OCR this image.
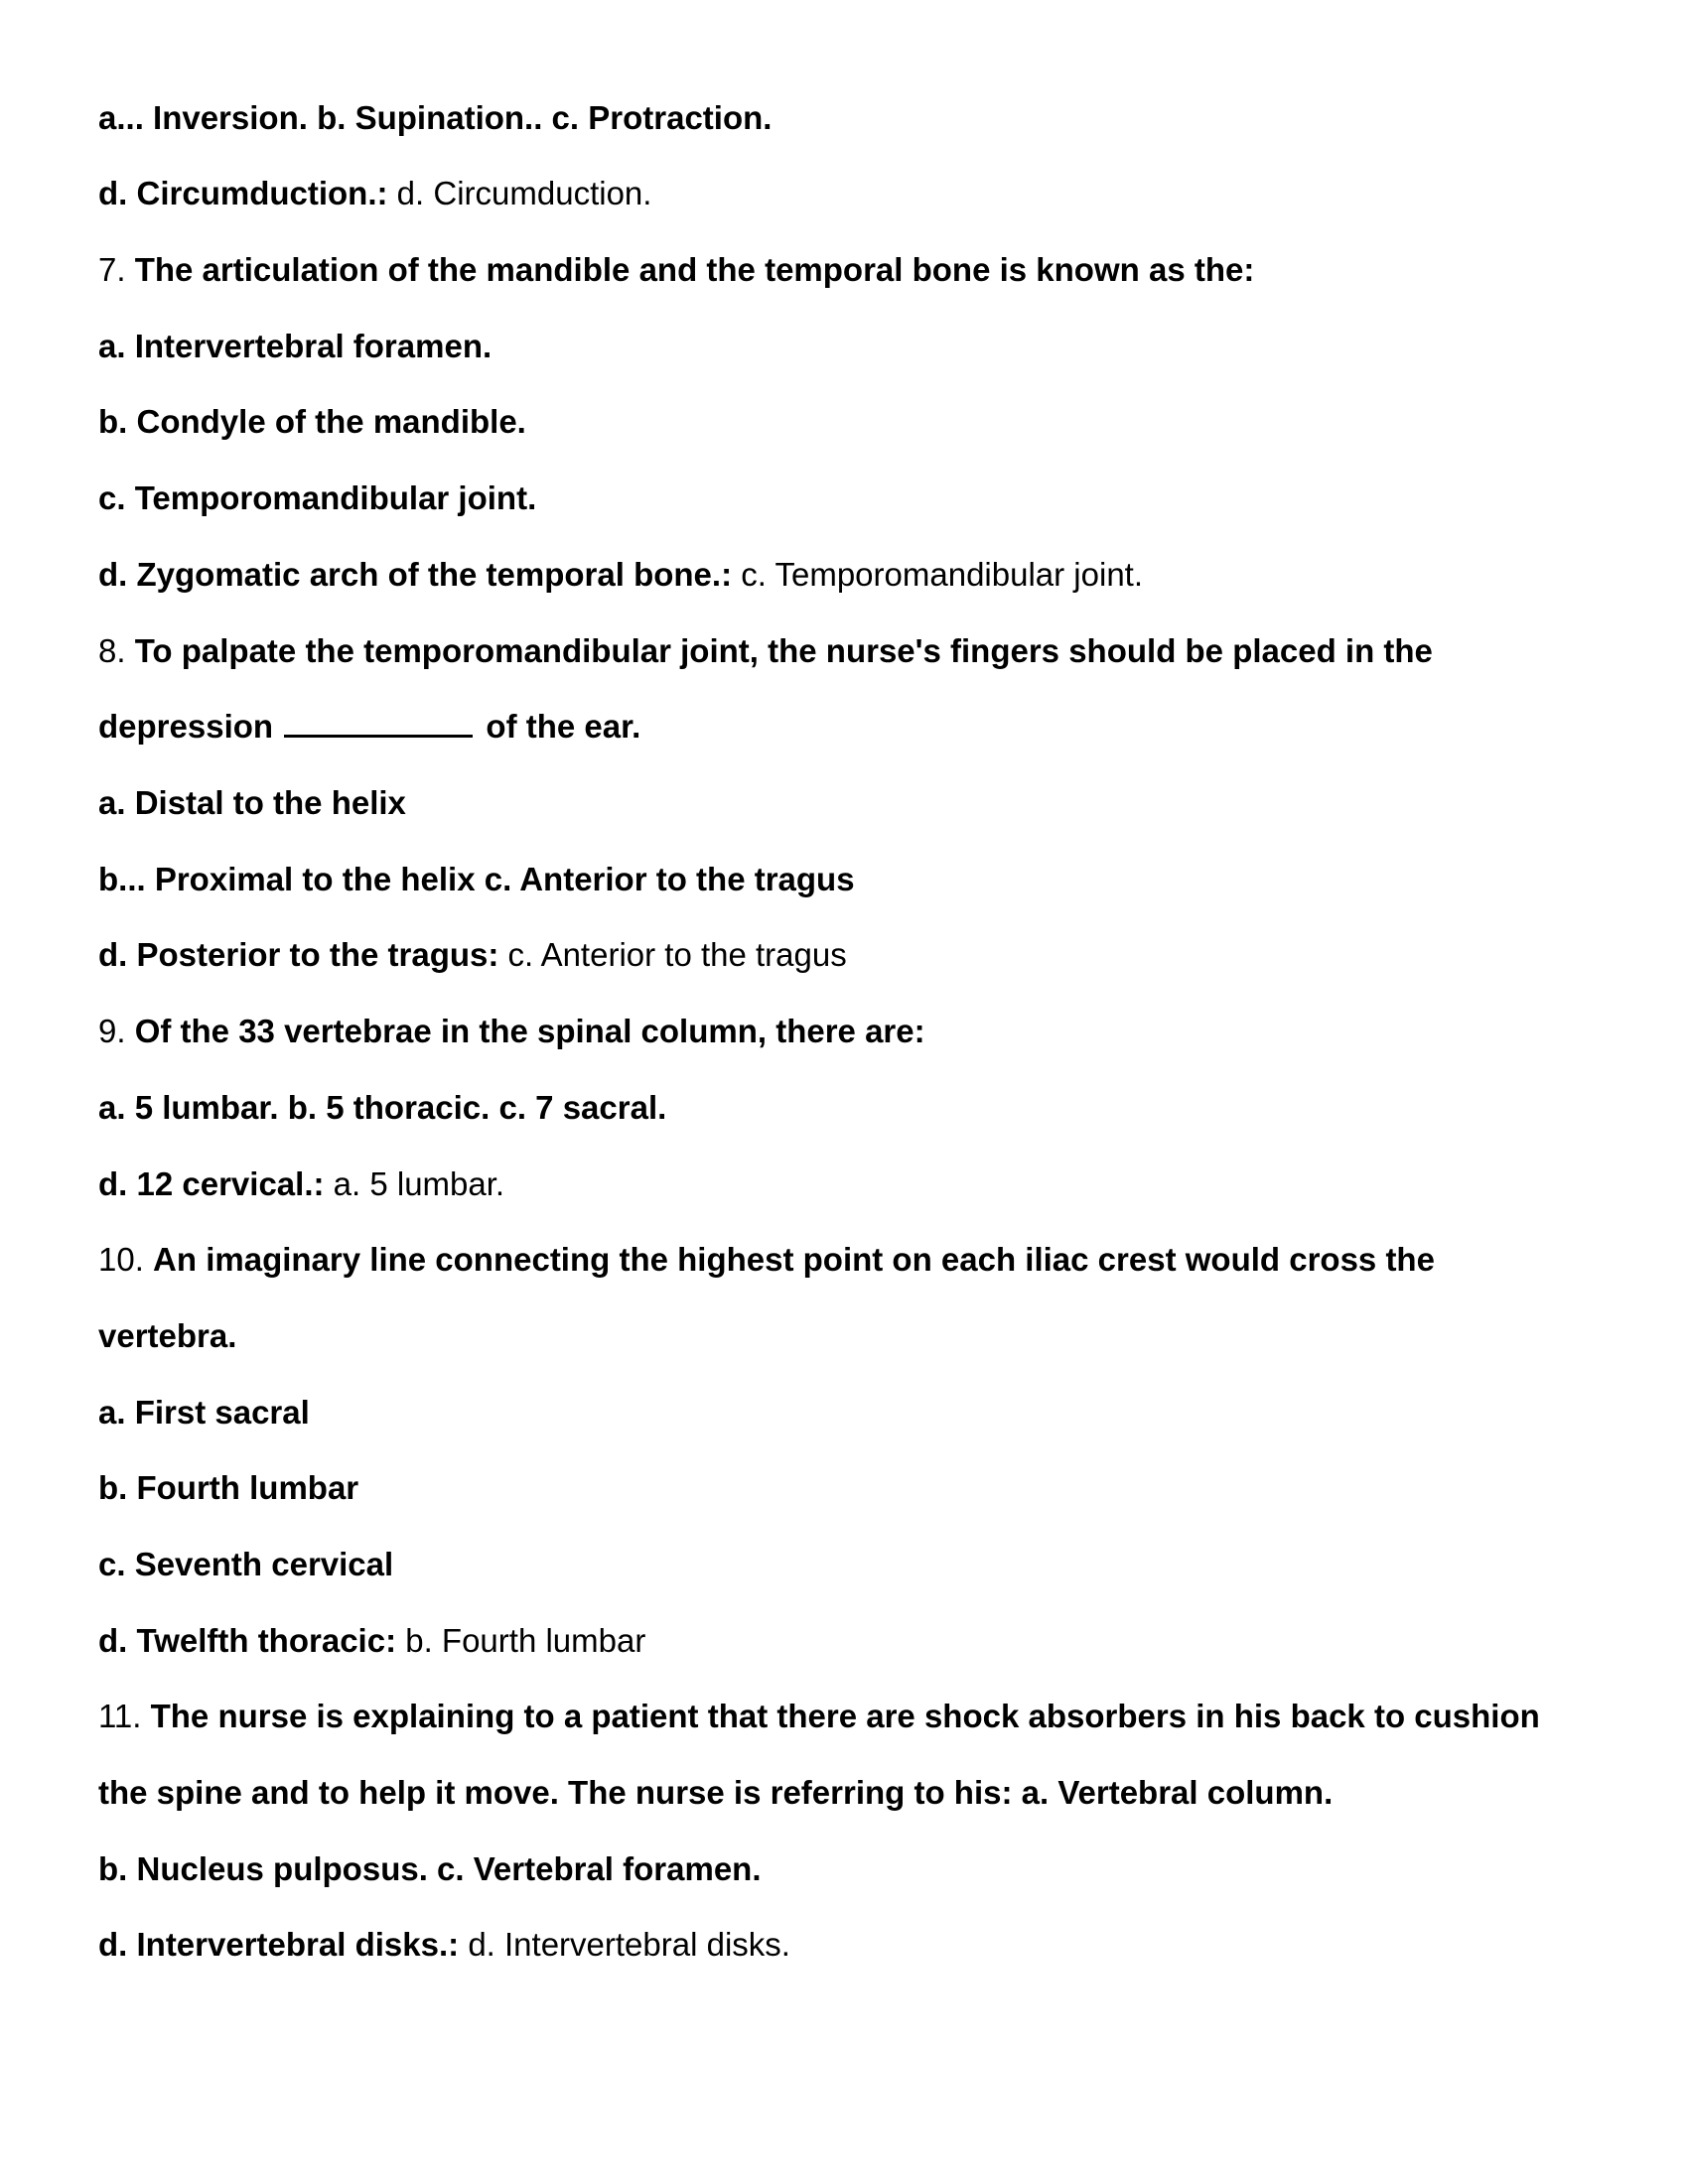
a... Inversion. b. Supination.. c. Protraction.
d. Circumduction.: d. Circumduction.
7. The articulation of the mandible and the temporal bone is known as the:
a. Intervertebral foramen.
b. Condyle of the mandible.
c. Temporomandibular joint.
d. Zygomatic arch of the temporal bone.: c. Temporomandibular joint.
8. To palpate the temporomandibular joint, the nurse's fingers should be placed in the
depression	of the ear.
a. Distal to the helix
b... Proximal to the helix c. Anterior to the tragus
d. Posterior to the tragus: c. Anterior to the tragus
9. Of the 33 vertebrae in the spinal column, there are:
a. 5 lumbar. b. 5 thoracic. c. 7 sacral.
d. 12 cervical.: a. 5 lumbar.
10. An imaginary line connecting the highest point on each iliac crest would cross the
vertebra.
a. First sacral
b. Fourth lumbar
c. Seventh cervical
d. Twelfth thoracic: b. Fourth lumbar
11. The nurse is explaining to a patient that there are shock absorbers in his back to cushion
the spine and to help it move. The nurse is referring to his: a. Vertebral column.
b. Nucleus pulposus. c. Vertebral foramen.
d. Intervertebral disks.: d. Intervertebral disks.
